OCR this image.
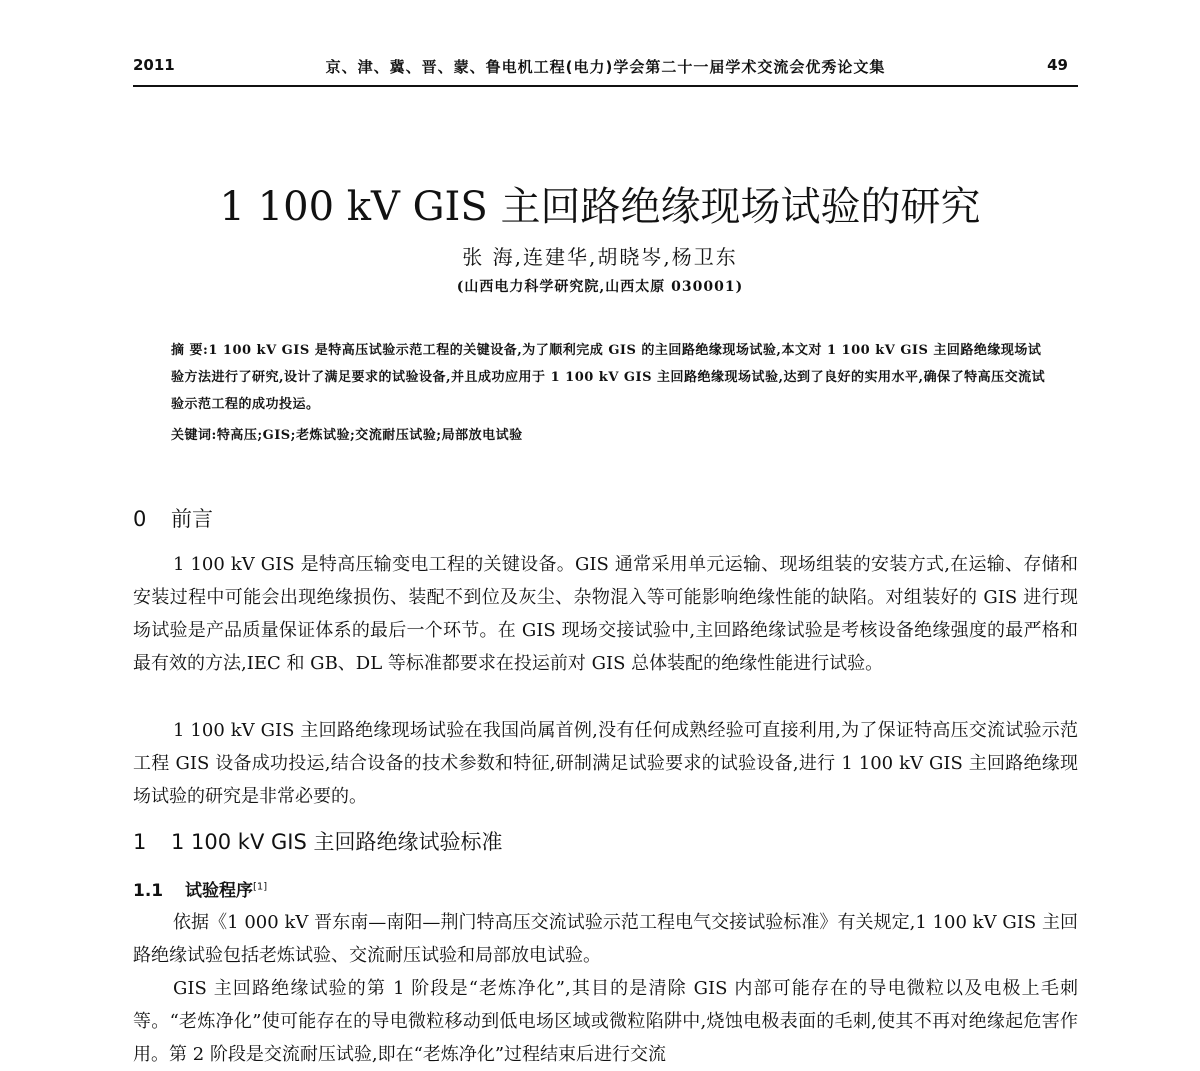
2011	京、津、冀、晋、蒙、鲁电机工程(电力)学会第二十一届学术交流会优秀论文集	49
1 100 kV GIS 主回路绝缘现场试验的研究
张 海,连建华,胡晓岑,杨卫东
(山西电力科学研究院,山西太原 030001)

摘 要:1 100 kV GIS 是特高压试验示范工程的关键设备,为了顺利完成 GIS 的主回路绝缘现场试验,本文对 1 100 kV GIS 主回路绝缘现场试验方法进行了研究,设计了满足要求的试验设备,并且成功应用于 1 100 kV GIS 主回路绝缘现场试验,达到了良好的实用水平,确保了特高压交流试验示范工程的成功投运。

关键词:特高压;GIS;老炼试验;交流耐压试验;局部放电试验
0 前言

1 100 kV GIS 是特高压输变电工程的关键设备。GIS 通常采用单元运输、现场组装的安装方式,在运输、存储和安装过程中可能会出现绝缘损伤、装配不到位及灰尘、杂物混入等可能影响绝缘性能的缺陷。对组装好的 GIS 进行现场试验是产品质量保证体系的最后一个环节。在 GIS 现场交接试验中,主回路绝缘试验是考核设备绝缘强度的最严格和最有效的方法,IEC 和 GB、DL 等标准都要求在投运前对 GIS 总体装配的绝缘性能进行试验。

1 100 kV GIS 主回路绝缘现场试验在我国尚属首例,没有任何成熟经验可直接利用,为了保证特高压交流试验示范工程 GIS 设备成功投运,结合设备的技术参数和特征,研制满足试验要求的试验设备,进行 1 100 kV GIS 主回路绝缘现场试验的研究是非常必要的。

1 1 100 kV GIS 主回路绝缘试验标准
1.1 试验程序[1]

依据《1 000 kV 晋东南—南阳—荆门特高压交流试验示范工程电气交接试验标准》有关规定,1 100 kV GIS 主回路绝缘试验包括老炼试验、交流耐压试验和局部放电试验。

GIS 主回路绝缘试验的第 1 阶段是“老炼净化”,其目的是清除 GIS 内部可能存在的导电微粒以及电极上毛刺等。“老炼净化”使可能存在的导电微粒移动到低电场区域或微粒陷阱中,烧蚀电极表面的毛刺,使其不再对绝缘起危害作用。第 2 阶段是交流耐压试验,即在“老炼净化”过程结束后进行交流
